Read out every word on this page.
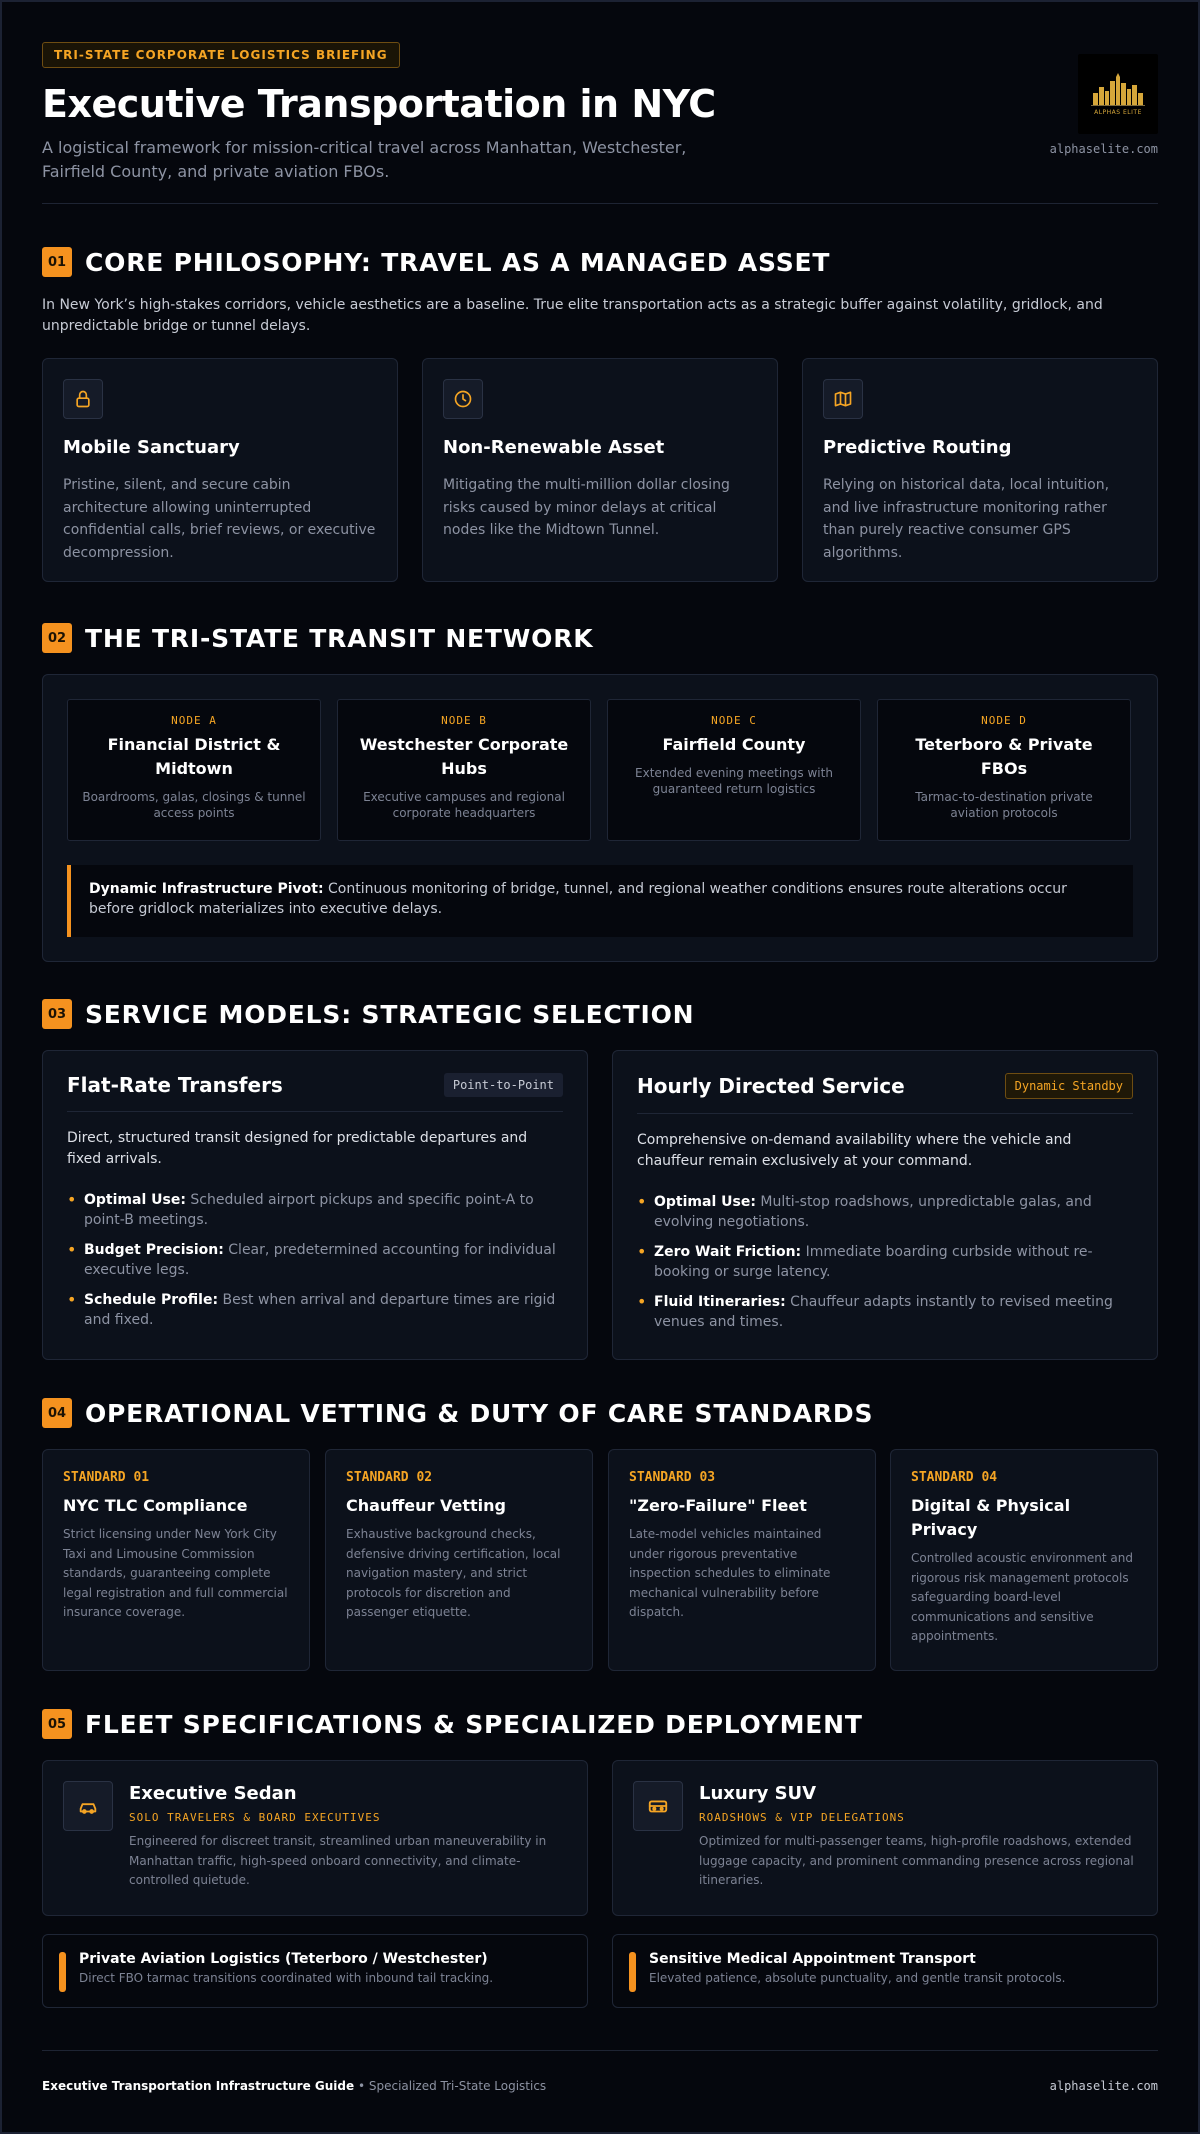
TRI-STATE CORPORATE LOGISTICS BRIEFING
Executive Transportation in NYC

A logistical framework for mission-critical travel across Manhattan, Westchester, Fairfield County, and private aviation FBOs.

ALPHAS ELITE
alphaselite.com
01 CORE PHILOSOPHY: TRAVEL AS A MANAGED ASSET

In New York’s high-stakes corridors, vehicle aesthetics are a baseline. True elite transportation acts as a strategic buffer against volatility, gridlock, and unpredictable bridge or tunnel delays.

Mobile Sanctuary
Pristine, silent, and secure cabin architecture allowing uninterrupted confidential calls, brief reviews, or executive decompression.
Non-Renewable Asset
Mitigating the multi-million dollar closing risks caused by minor delays at critical nodes like the Midtown Tunnel.
Predictive Routing
Relying on historical data, local intuition, and live infrastructure monitoring rather than purely reactive consumer GPS algorithms.
02 THE TRI-STATE TRANSIT NETWORK
NODE A
Financial District & Midtown
Boardrooms, galas, closings & tunnel access points
NODE B
Westchester Corporate Hubs
Executive campuses and regional corporate headquarters
NODE C
Fairfield County
Extended evening meetings with guaranteed return logistics
NODE D
Teterboro & Private FBOs
Tarmac-to-destination private aviation protocols
Dynamic Infrastructure Pivot: Continuous monitoring of bridge, tunnel, and regional weather conditions ensures route alterations occur before gridlock materializes into executive delays.
03 SERVICE MODELS: STRATEGIC SELECTION
Flat-Rate Transfers	Point-to-Point
Direct, structured transit designed for predictable departures and fixed arrivals.
• Optimal Use: Scheduled airport pickups and specific point-A to point-B meetings.
• Budget Precision: Clear, predetermined accounting for individual executive legs.
• Schedule Profile: Best when arrival and departure times are rigid and fixed.
Hourly Directed Service	Dynamic Standby
Comprehensive on-demand availability where the vehicle and chauffeur remain exclusively at your command.
• Optimal Use: Multi-stop roadshows, unpredictable galas, and evolving negotiations.
• Zero Wait Friction: Immediate boarding curbside without re-booking or surge latency.
• Fluid Itineraries: Chauffeur adapts instantly to revised meeting venues and times.
04 OPERATIONAL VETTING & DUTY OF CARE STANDARDS
STANDARD 01
NYC TLC Compliance
Strict licensing under New York City Taxi and Limousine Commission standards, guaranteeing complete legal registration and full commercial insurance coverage.
STANDARD 02
Chauffeur Vetting
Exhaustive background checks, defensive driving certification, local navigation mastery, and strict protocols for discretion and passenger etiquette.
STANDARD 03
"Zero-Failure" Fleet
Late-model vehicles maintained under rigorous preventative inspection schedules to eliminate mechanical vulnerability before dispatch.
STANDARD 04
Digital & Physical Privacy
Controlled acoustic environment and rigorous risk management protocols safeguarding board-level communications and sensitive appointments.
05 FLEET SPECIFICATIONS & SPECIALIZED DEPLOYMENT
Executive Sedan
SOLO TRAVELERS & BOARD EXECUTIVES
Engineered for discreet transit, streamlined urban maneuverability in Manhattan traffic, high-speed onboard connectivity, and climate-controlled quietude.
Luxury SUV
ROADSHOWS & VIP DELEGATIONS
Optimized for multi-passenger teams, high-profile roadshows, extended luggage capacity, and prominent commanding presence across regional itineraries.
Private Aviation Logistics (Teterboro / Westchester)
Direct FBO tarmac transitions coordinated with inbound tail tracking.
Sensitive Medical Appointment Transport
Elevated patience, absolute punctuality, and gentle transit protocols.
Executive Transportation Infrastructure Guide • Specialized Tri-State Logistics	alphaselite.com
